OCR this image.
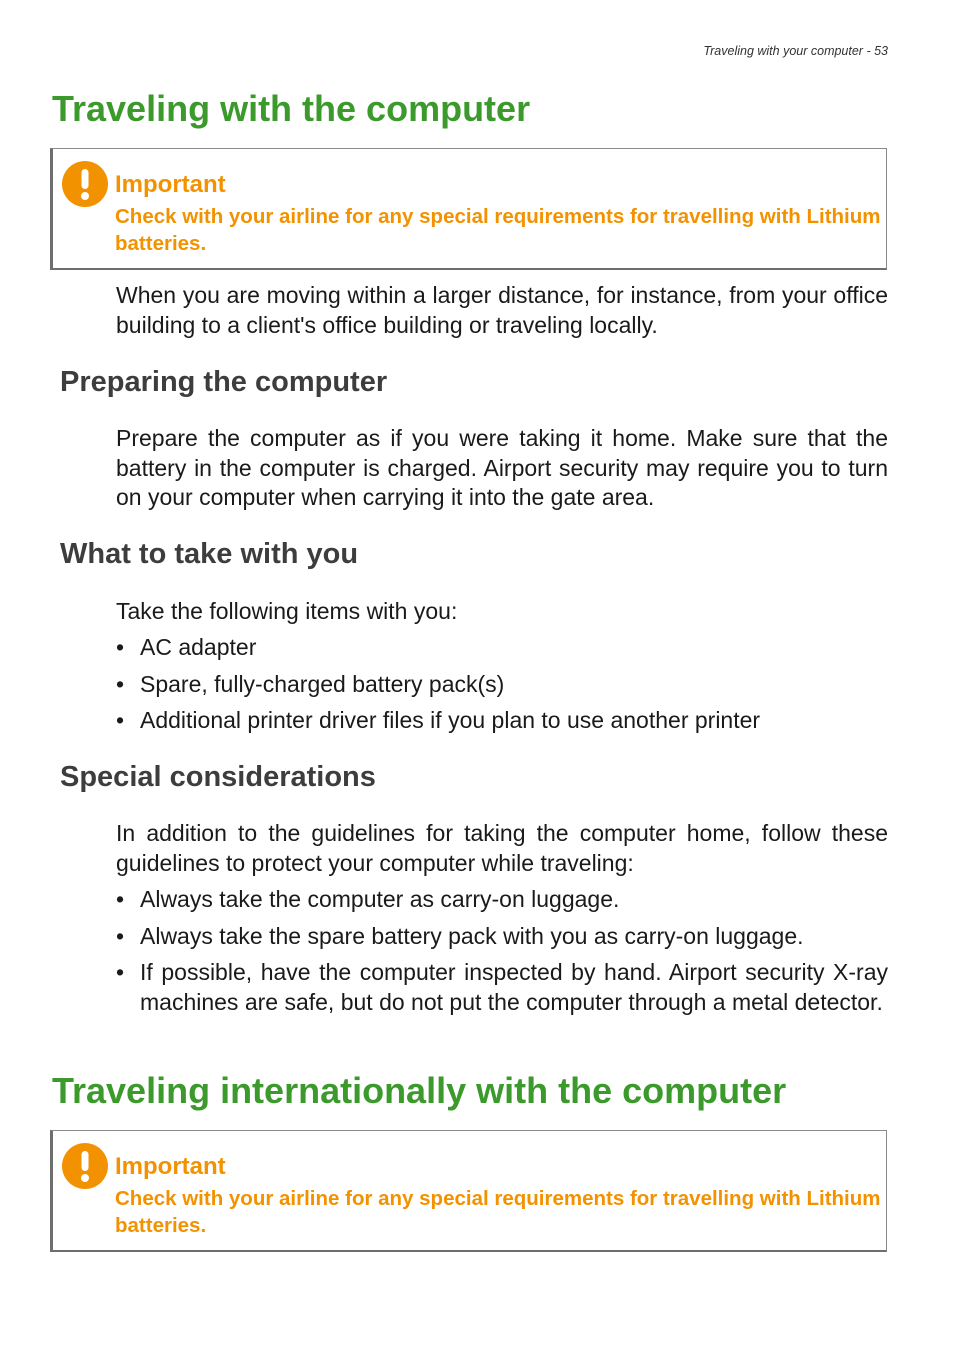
Traveling with your computer - 53
Traveling with the computer
Important
Check with your airline for any special requirements for travelling with Lithium batteries.

When you are moving within a larger distance, for instance, from your office building to a client's office building or traveling locally.

Preparing the computer

Prepare the computer as if you were taking it home. Make sure that the battery in the computer is charged. Airport security may require you to turn on your computer when carrying it into the gate area.

What to take with you

Take the following items with you:

• AC adapter
• Spare, fully-charged battery pack(s)
• Additional printer driver files if you plan to use another printer
Special considerations

In addition to the guidelines for taking the computer home, follow these guidelines to protect your computer while traveling:

• Always take the computer as carry-on luggage.
• Always take the spare battery pack with you as carry-on luggage.
• If possible, have the computer inspected by hand. Airport security X-ray machines are safe, but do not put the computer through a metal detector.
Traveling internationally with the computer
Important
Check with your airline for any special requirements for travelling with Lithium batteries.
